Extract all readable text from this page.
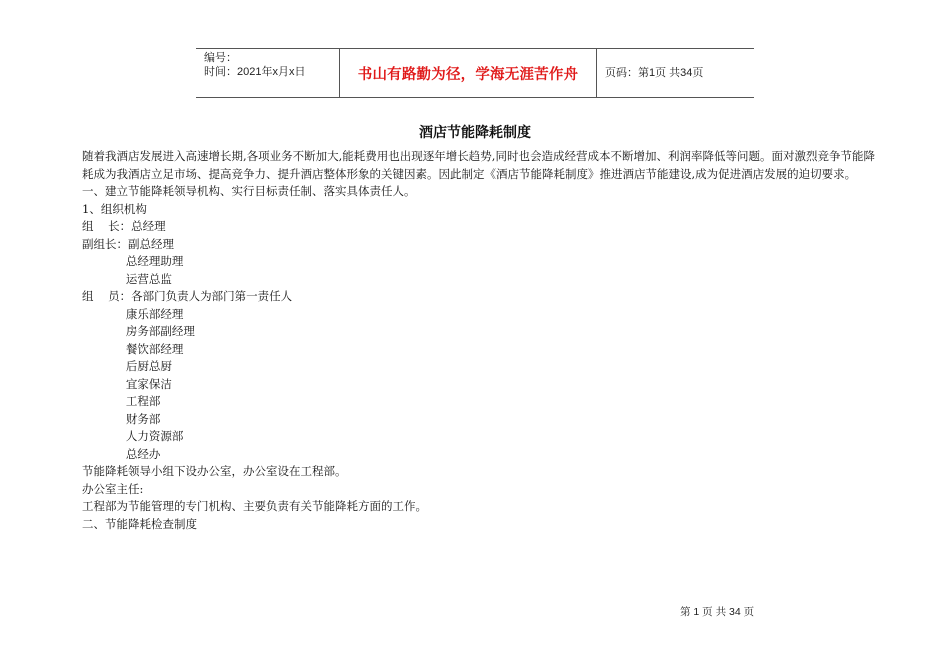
编号：
时间：2021年x月x日	书山有路勤为径，学海无涯苦作舟 页码：第1页 共34页
酒店节能降耗制度

随着我酒店发展进入高速增长期,各项业务不断加大,能耗费用也出现逐年增长趋势,同时也会造成经营成本不断增加、利润率降低等问题。面对激烈竞争节能降耗成为我酒店立足市场、提高竞争力、提升酒店整体形象的关键因素。因此制定《酒店节能降耗制度》推进酒店节能建设,成为促进酒店发展的迫切要求。

一、建立节能降耗领导机构、实行目标责任制、落实具体责任人。

1、组织机构

组    长：总经理

副组长：副总经理

总经理助理

运营总监

组    员：各部门负责人为部门第一责任人

康乐部经理

房务部副经理

餐饮部经理

后厨总厨

宜家保洁

工程部

财务部

人力资源部

总经办

节能降耗领导小组下设办公室，办公室设在工程部。

办公室主任:

工程部为节能管理的专门机构、主要负责有关节能降耗方面的工作。

二、节能降耗检查制度

第 1 页 共 34 页
